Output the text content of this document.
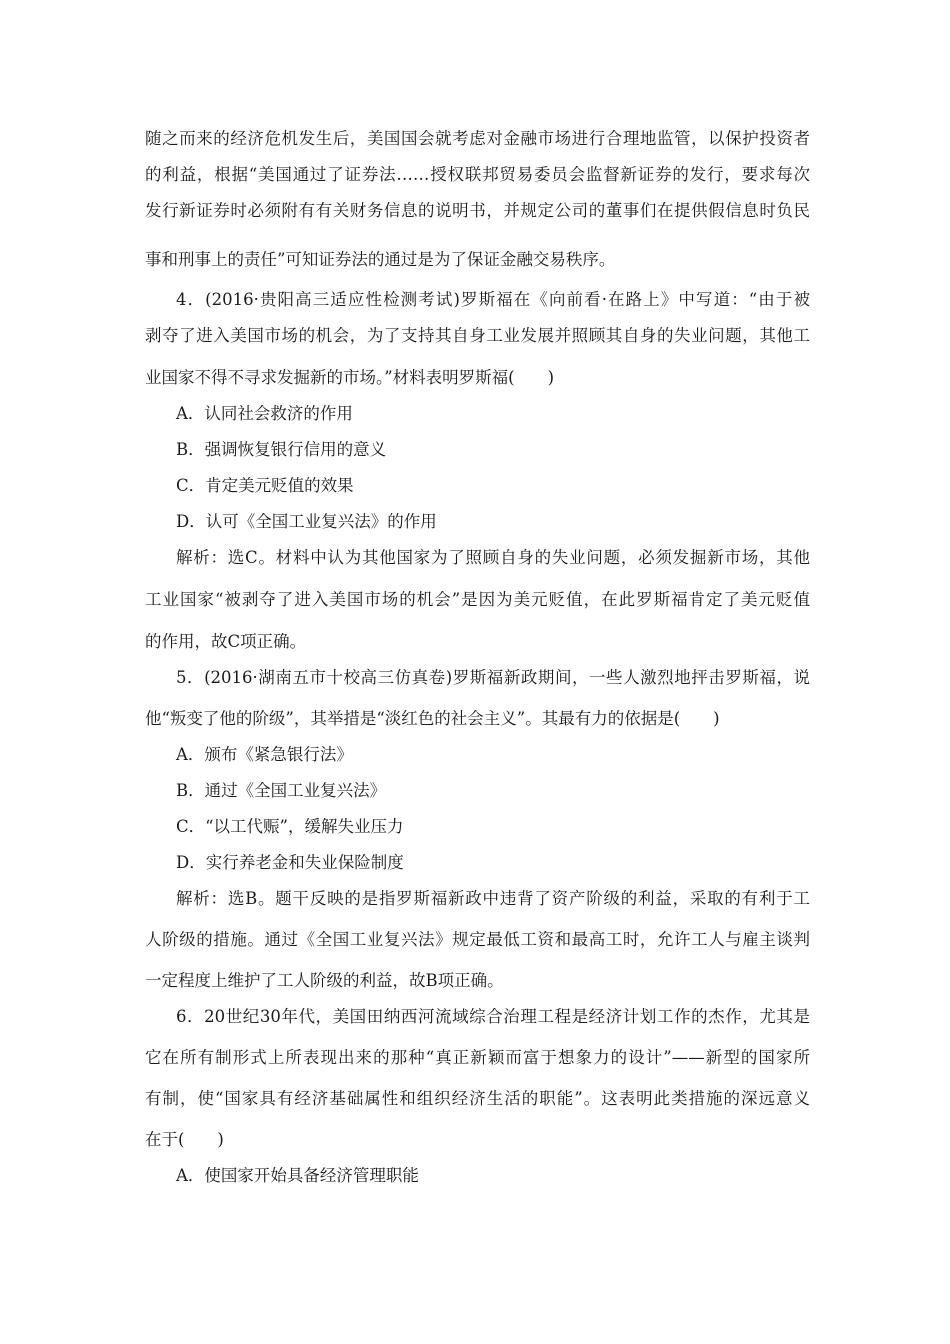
随之而来的经济危机发生后，美国国会就考虑对金融市场进行合理地监管，以保护投资者
的利益，根据“美国通过了证券法……授权联邦贸易委员会监督新证券的发行，要求每次
发行新证券时必须附有有关财务信息的说明书，并规定公司的董事们在提供假信息时负民
事和刑事上的责任”可知证券法的通过是为了保证金融交易秩序。
4．(2016·贵阳高三适应性检测考试)罗斯福在《向前看·在路上》中写道：“由于被
剥夺了进入美国市场的机会，为了支持其自身工业发展并照顾其自身的失业问题，其他工
业国家不得不寻求发掘新的市场。”材料表明罗斯福(　　)
A．认同社会救济的作用
B．强调恢复银行信用的意义
C．肯定美元贬值的效果
D．认可《全国工业复兴法》的作用
解析：选C。材料中认为其他国家为了照顾自身的失业问题，必须发掘新市场，其他
工业国家“被剥夺了进入美国市场的机会”是因为美元贬值，在此罗斯福肯定了美元贬值
的作用，故C项正确。
5．(2016·湖南五市十校高三仿真卷)罗斯福新政期间，一些人激烈地抨击罗斯福，说
他“叛变了他的阶级”，其举措是“淡红色的社会主义”。其最有力的依据是(　　)
A．颁布《紧急银行法》
B．通过《全国工业复兴法》
C．“以工代赈”，缓解失业压力
D．实行养老金和失业保险制度
解析：选B。题干反映的是指罗斯福新政中违背了资产阶级的利益，采取的有利于工
人阶级的措施。通过《全国工业复兴法》规定最低工资和最高工时，允许工人与雇主谈判
一定程度上维护了工人阶级的利益，故B项正确。
6．20世纪30年代，美国田纳西河流域综合治理工程是经济计划工作的杰作，尤其是
它在所有制形式上所表现出来的那种“真正新颖而富于想象力的设计”——新型的国家所
有制，使“国家具有经济基础属性和组织经济生活的职能”。这表明此类措施的深远意义
在于(　　)
A．使国家开始具备经济管理职能
